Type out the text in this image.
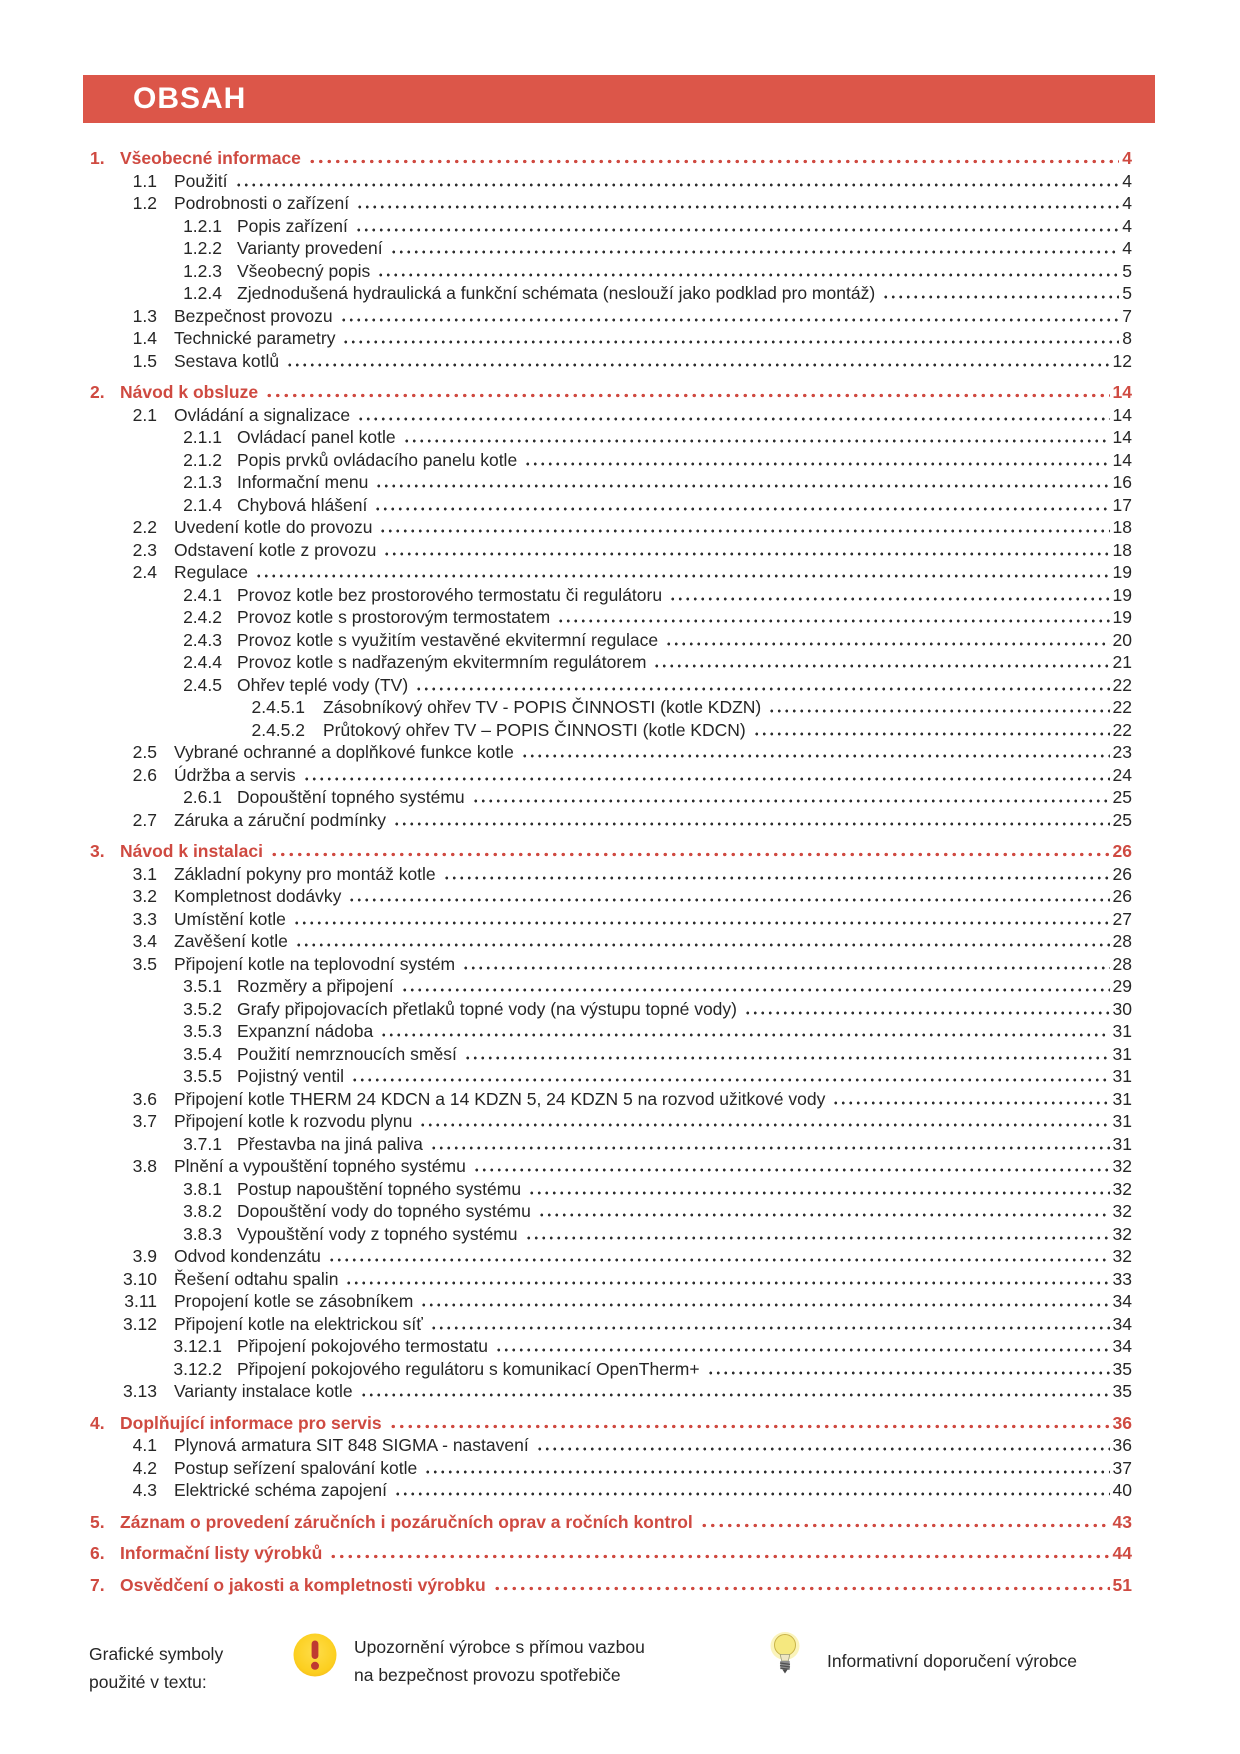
OBSAH
1. Všeobecné informace	4
1.1 Použití	4
1.2 Podrobnosti o zařízení	4
1.2.1 Popis zařízení	4
1.2.2 Varianty provedení	4
1.2.3 Všeobecný popis	5
1.2.4 Zjednodušená hydraulická a funkční schémata (neslouží jako podklad pro montáž)	5
1.3 Bezpečnost provozu	7
1.4 Technické parametry	8
1.5 Sestava kotlů	12
2. Návod k obsluze	14
2.1 Ovládání a signalizace	14
2.1.1 Ovládací panel kotle	14
2.1.2 Popis prvků ovládacího panelu kotle	14
2.1.3 Informační menu	16
2.1.4 Chybová hlášení	17
2.2 Uvedení kotle do provozu	18
2.3 Odstavení kotle z provozu	18
2.4 Regulace	19
2.4.1 Provoz kotle bez prostorového termostatu či regulátoru	19
2.4.2 Provoz kotle s prostorovým termostatem	19
2.4.3 Provoz kotle s využitím vestavěné ekvitermní regulace	20
2.4.4 Provoz kotle s nadřazeným ekvitermním regulátorem	21
2.4.5 Ohřev teplé vody (TV)	22
2.4.5.1	Zásobníkový ohřev TV - POPIS ČINNOSTI (kotle KDZN)	22
2.4.5.2	Průtokový ohřev TV – POPIS ČINNOSTI (kotle KDCN)	22
2.5 Vybrané ochranné a doplňkové funkce kotle	23
2.6 Údržba a servis	24
2.6.1 Dopouštění topného systému	25
2.7 Záruka a záruční podmínky	25
3. Návod k instalaci	26
3.1 Základní pokyny pro montáž kotle	26
3.2 Kompletnost dodávky	26
3.3 Umístění kotle	27
3.4 Zavěšení kotle	28
3.5 Připojení kotle na teplovodní systém	28
3.5.1 Rozměry a připojení	29
3.5.2 Grafy připojovacích přetlaků topné vody (na výstupu topné vody)	30
3.5.3 Expanzní nádoba	31
3.5.4 Použití nemrznoucích směsí	31
3.5.5 Pojistný ventil	31
3.6 Připojení kotle THERM 24 KDCN a 14 KDZN 5, 24 KDZN 5 na rozvod užitkové vody	31
3.7 Připojení kotle k rozvodu plynu	31
3.7.1 Přestavba na jiná paliva	31
3.8 Plnění a vypouštění topného systému	32
3.8.1 Postup napouštění topného systému	32
3.8.2 Dopouštění vody do topného systému	32
3.8.3 Vypouštění vody z topného systému	32
3.9 Odvod kondenzátu	32
3.10 Řešení odtahu spalin	33
3.11 Propojení kotle se zásobníkem	34
3.12 Připojení kotle na elektrickou síť	34
3.12.1 Připojení pokojového termostatu	34
3.12.2 Připojení pokojového regulátoru s komunikací OpenTherm+	35
3.13 Varianty instalace kotle	35
4. Doplňující informace pro servis	36
4.1 Plynová armatura SIT 848 SIGMA - nastavení	36
4.2 Postup seřízení spalování kotle	37
4.3 Elektrické schéma zapojení	40
5. Záznam o provedení záručních i pozáručních oprav a ročních kontrol	43
6. Informační listy výrobků	44
7. Osvědčení o jakosti a kompletnosti výrobku	51
Grafické symboly
použité v textu:
Upozornění výrobce s přímou vazbou
na bezpečnost provozu spotřebiče
Informativní doporučení výrobce
